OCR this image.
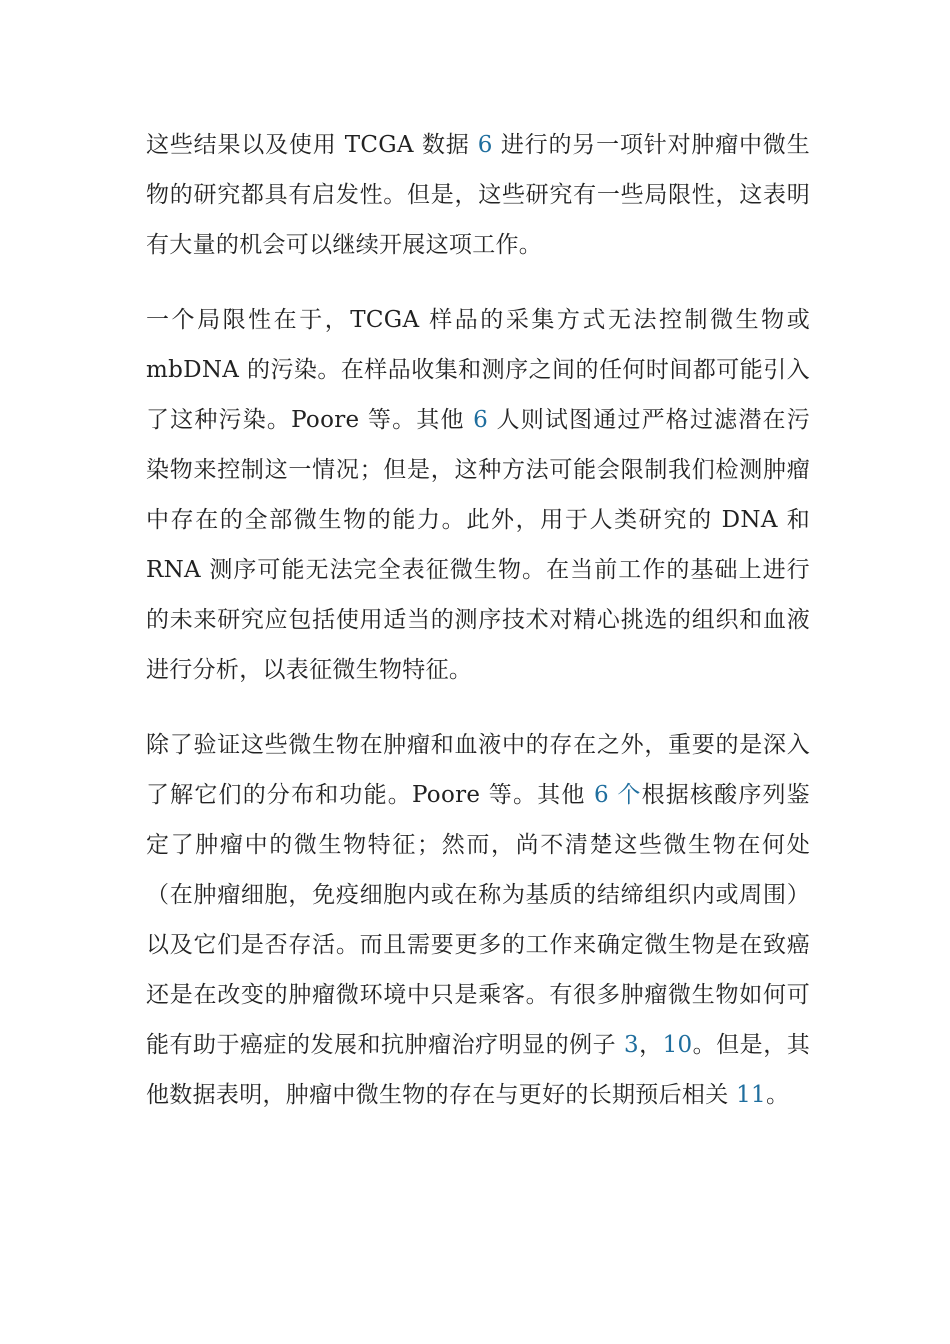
这些结果以及使用 TCGA 数据 6 进行的另一项针对肿瘤中微生物的研究都具有启发性。但是，这些研究有一些局限性，这表明有大量的机会可以继续开展这项工作。

一个局限性在于，TCGA 样品的采集方式无法控制微生物或 mbDNA 的污染。在样品收集和测序之间的任何时间都可能引入了这种污染。Poore 等。其他 6 人则试图通过严格过滤潜在污染物来控制这一情况；但是，这种方法可能会限制我们检测肿瘤中存在的全部微生物的能力。此外，用于人类研究的 DNA 和 RNA 测序可能无法完全表征微生物。在当前工作的基础上进行的未来研究应包括使用适当的测序技术对精心挑选的组织和血液进行分析，以表征微生物特征。

除了验证这些微生物在肿瘤和血液中的存在之外，重要的是深入了解它们的分布和功能。Poore 等。其他 6 个根据核酸序列鉴定了肿瘤中的微生物特征；然而，尚不清楚这些微生物在何处（在肿瘤细胞，免疫细胞内或在称为基质的结缔组织内或周围）以及它们是否存活。而且需要更多的工作来确定微生物是在致癌还是在改变的肿瘤微环境中只是乘客。有很多肿瘤微生物如何可能有助于癌症的发展和抗肿瘤治疗明显的例子 3，10。但是，其他数据表明，肿瘤中微生物的存在与更好的长期预后相关 11。
